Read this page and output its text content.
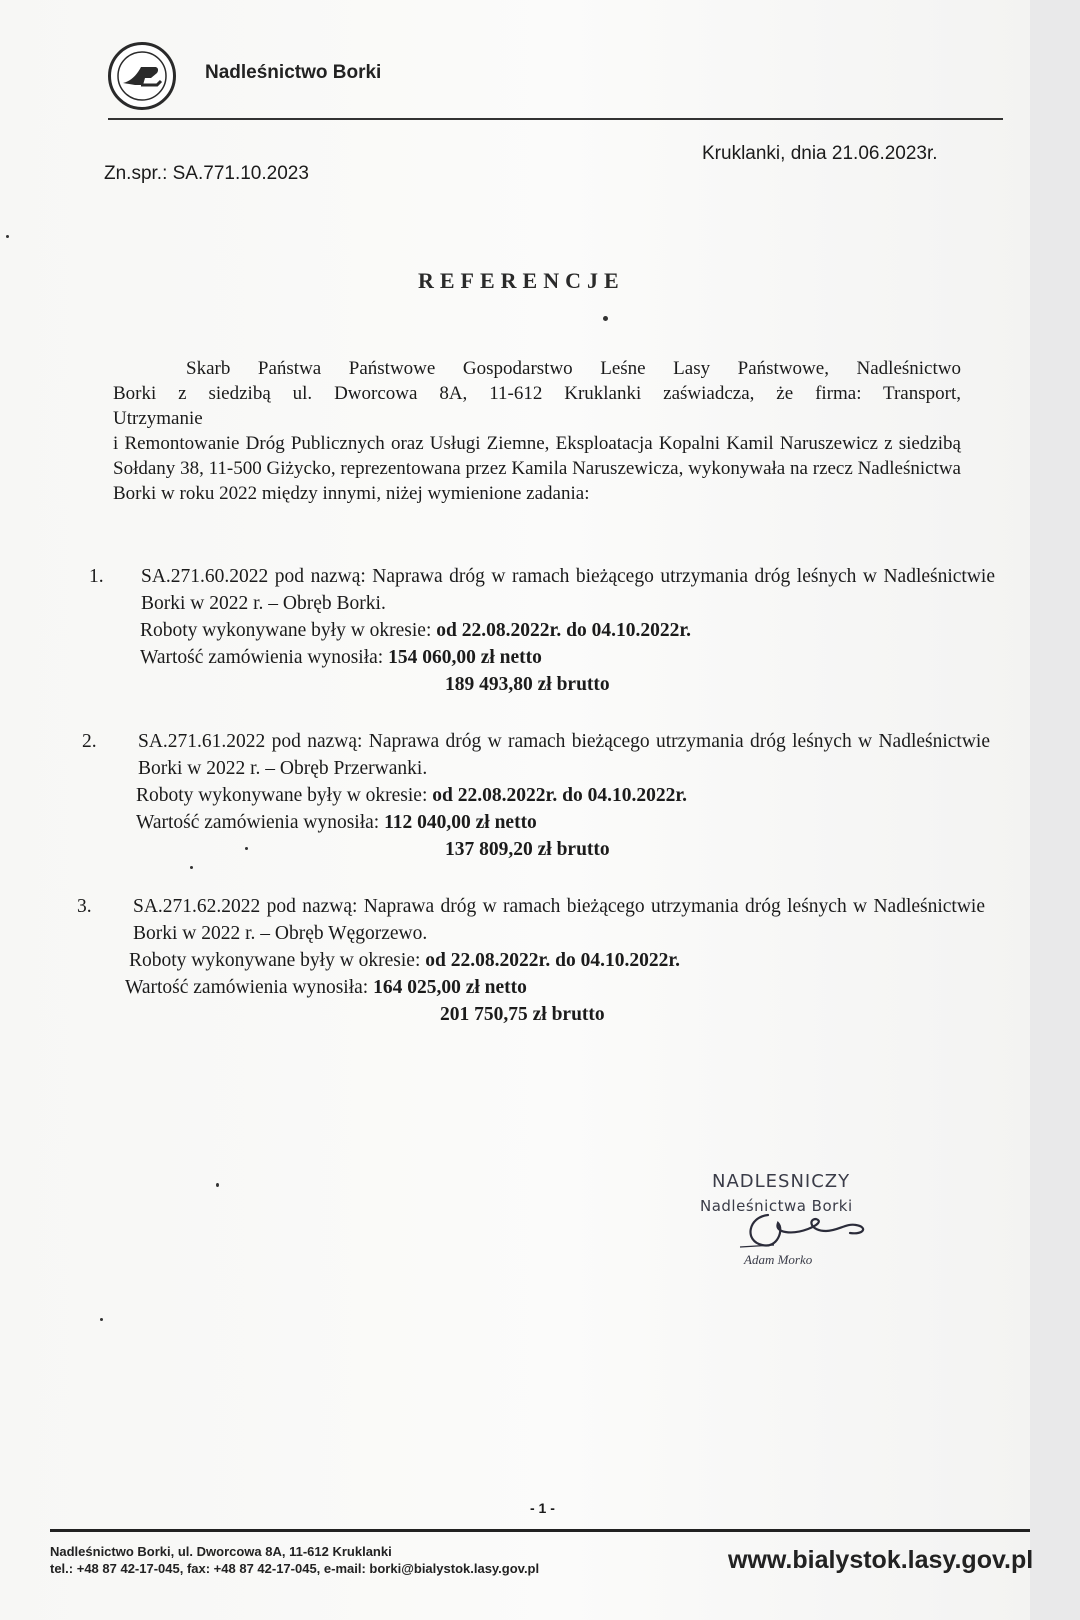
Nadleśnictwo Borki
Zn.spr.: SA.771.10.2023
Kruklanki, dnia 21.06.2023r.
REFERENCJE

Skarb Państwa Państwowe Gospodarstwo Leśne Lasy Państwowe, Nadleśnictwo

Borki z siedzibą ul. Dworcowa 8A, 11-612 Kruklanki zaświadcza, że firma: Transport,

Utrzymanie

i Remontowanie Dróg Publicznych oraz Usługi Ziemne, Eksploatacja Kopalni Kamil Naruszewicz z siedzibą Sołdany 38, 11-500 Giżycko, reprezentowana przez Kamila Naruszewicza, wykonywała na rzecz Nadleśnictwa Borki w roku 2022 między innymi, niżej wymienione zadania:

1. SA.271.60.2022 pod nazwą: Naprawa dróg w ramach bieżącego utrzymania dróg leśnych w Nadleśnictwie Borki w 2022 r. – Obręb Borki.
Roboty wykonywane były w okresie: od 22.08.2022r. do 04.10.2022r.
Wartość zamówienia wynosiła: 154 060,00 zł netto
189 493,80 zł brutto
2. SA.271.61.2022 pod nazwą: Naprawa dróg w ramach bieżącego utrzymania dróg leśnych w Nadleśnictwie Borki w 2022 r. – Obręb Przerwanki.
Roboty wykonywane były w okresie: od 22.08.2022r. do 04.10.2022r.
Wartość zamówienia wynosiła: 112 040,00 zł netto
137 809,20 zł brutto
3. SA.271.62.2022 pod nazwą: Naprawa dróg w ramach bieżącego utrzymania dróg leśnych w Nadleśnictwie Borki w 2022 r. – Obręb Węgorzewo.
Roboty wykonywane były w okresie: od 22.08.2022r. do 04.10.2022r.
Wartość zamówienia wynosiła: 164 025,00 zł netto
201 750,75 zł brutto
NADLESNICZY
Nadleśnictwa Borki
Adam Morko
- 1 -
Nadleśnictwo Borki, ul. Dworcowa 8A, 11-612 Kruklanki
tel.: +48 87 42-17-045, fax: +48 87 42-17-045, e-mail: borki@bialystok.lasy.gov.pl	www.bialystok.lasy.gov.pl
